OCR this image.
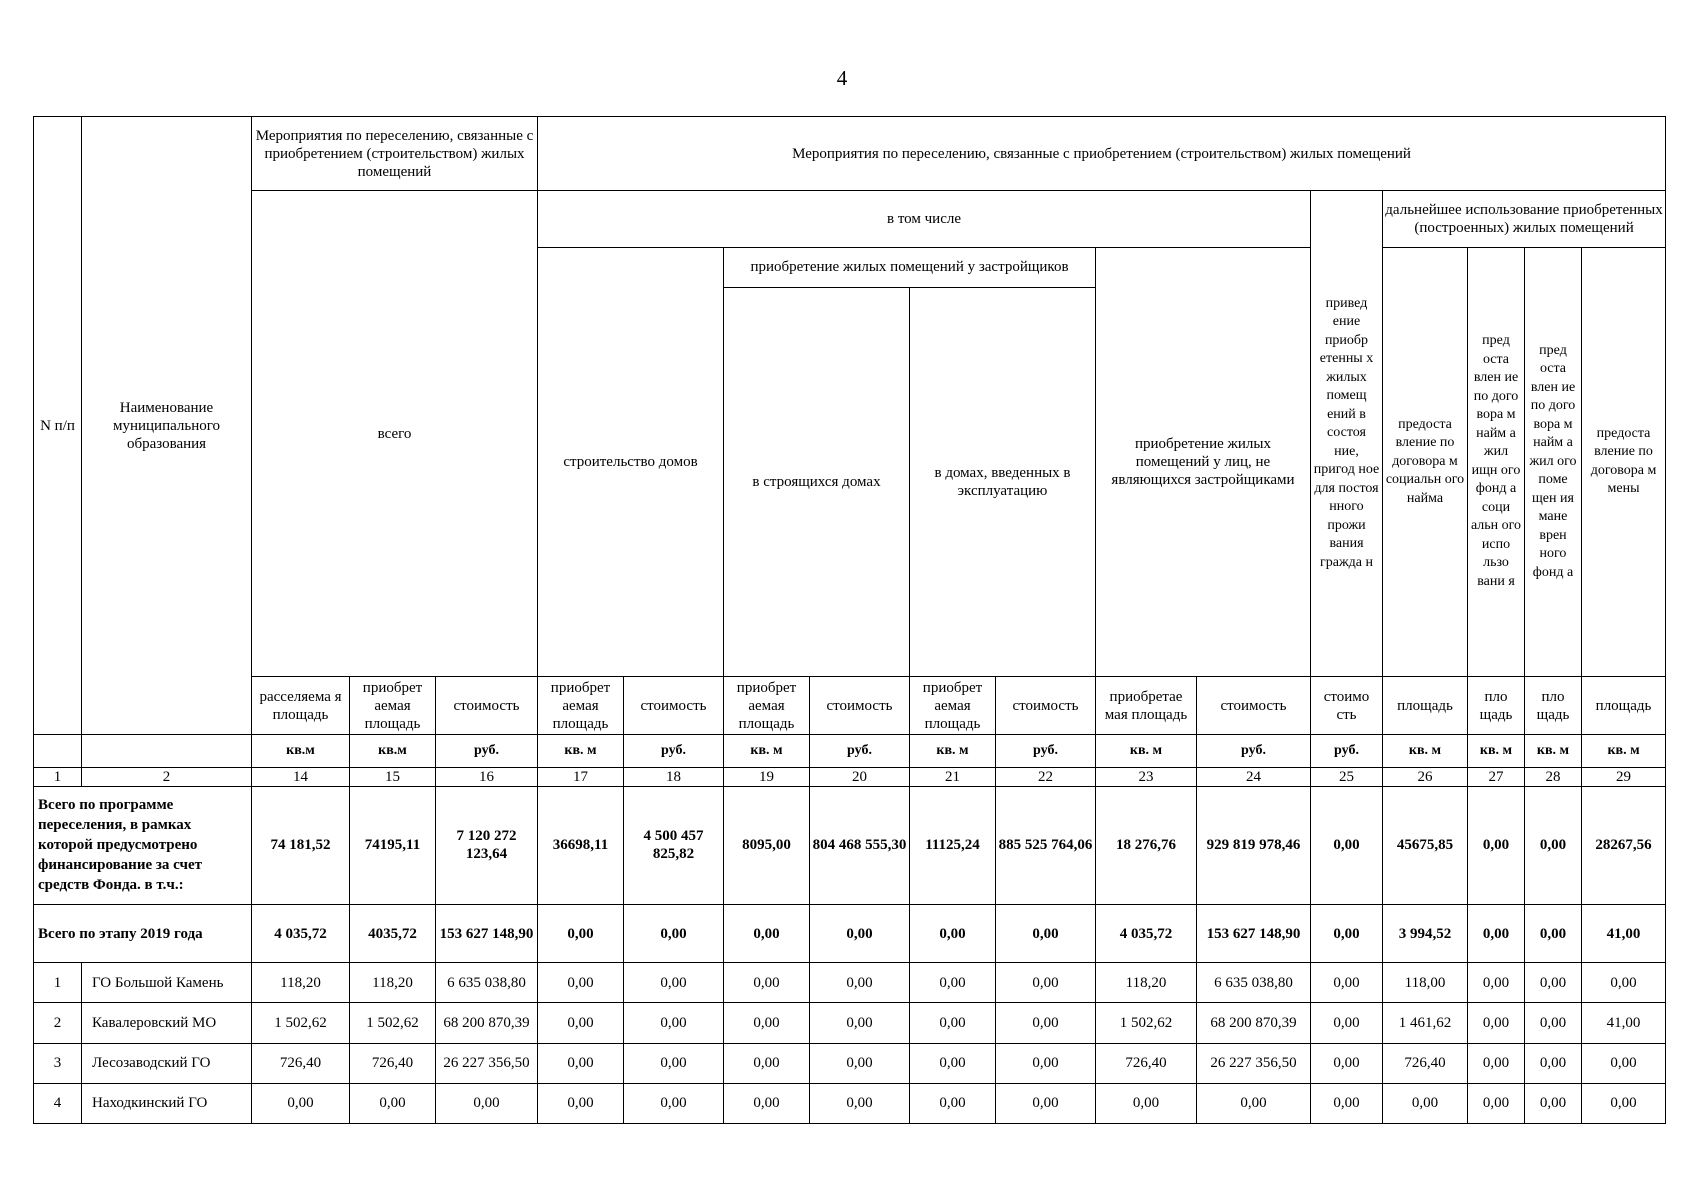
4
N п/п	Наименование муниципального образования	Мероприятия по переселению, связанные с приобретением (строительством) жилых помещений			Мероприятия по переселению, связанные с приобретением (строительством) жилых помещений												
		всего			в том числе								привед ение приобр етенны х жилых помещ ений в состоя ние, пригод ное для постоя нного прожи вания гражда н	дальнейшее использование приобретенных (построенных) жилых помещений			
					строительство домов		приобретение жилых помещений у застройщиков				приобретение жилых помещений у лиц, не являющихся застройщиками			предоста вление по договора м социальн ого найма	пред оста влен ие по дого вора м найм а жил ищн ого фонд а соци альн ого испо льзо вани я	пред оста влен ие по дого вора м найм а жил ого поме щен ия мане врен ного фонд а	предоста вление по договора м мены
							в строящихся домах		в домах, введенных в эксплуатацию								
		расселяема я площадь	приобрет аемая площадь	стоимость	приобрет аемая площадь	стоимость	приобрет аемая площадь	стоимость	приобрет аемая площадь	стоимость	приобретае мая площадь	стоимость	стоимо сть	площадь	пло щадь	пло щадь	площадь
		кв.м	кв.м	руб.	кв. м	руб.	кв. м	руб.	кв. м	руб.	кв. м	руб.	руб.	кв. м	кв. м	кв. м	кв. м
1	2	14	15	16	17	18	19	20	21	22	23	24	25	26	27	28	29
Всего по программе переселения, в рамках которой предусмотрено финансирование за счет средств Фонда. в т.ч.:		74 181,52	74195,11	7 120 272 123,64	36698,11	4 500 457 825,82	8095,00	804 468 555,30	11125,24	885 525 764,06	18 276,76	929 819 978,46	0,00	45675,85	0,00	0,00	28267,56
Всего по этапу 2019 года		4 035,72	4035,72	153 627 148,90	0,00	0,00	0,00	0,00	0,00	0,00	4 035,72	153 627 148,90	0,00	3 994,52	0,00	0,00	41,00
1	ГО Большой Камень	118,20	118,20	6 635 038,80	0,00	0,00	0,00	0,00	0,00	0,00	118,20	6 635 038,80	0,00	118,00	0,00	0,00	0,00
2	Кавалеровский МО	1 502,62	1 502,62	68 200 870,39	0,00	0,00	0,00	0,00	0,00	0,00	1 502,62	68 200 870,39	0,00	1 461,62	0,00	0,00	41,00
3	Лесозаводский ГО	726,40	726,40	26 227 356,50	0,00	0,00	0,00	0,00	0,00	0,00	726,40	26 227 356,50	0,00	726,40	0,00	0,00	0,00
4	Находкинский ГО	0,00	0,00	0,00	0,00	0,00	0,00	0,00	0,00	0,00	0,00	0,00	0,00	0,00	0,00	0,00	0,00
